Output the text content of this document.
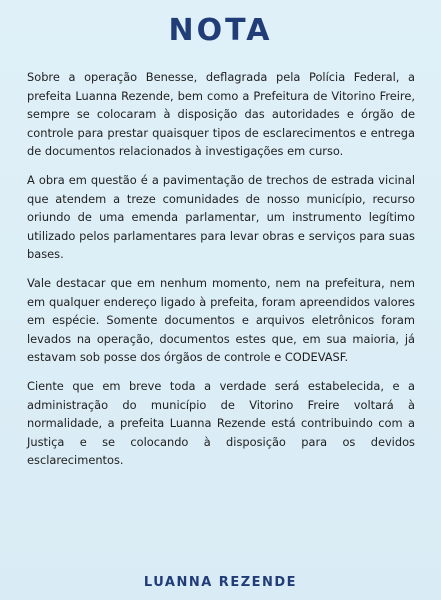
NOTA

Sobre a operação Benesse, deflagrada pela Polícia Federal, a prefeita Luanna Rezende, bem como a Prefeitura de Vitorino Freire, sempre se colocaram à disposição das autoridades e órgão de controle para prestar quaisquer tipos de esclarecimentos e entrega de documentos relacionados à investigações em curso.

A obra em questão é a pavimentação de trechos de estrada vicinal que atendem a treze comunidades de nosso município, recurso oriundo de uma emenda parlamentar, um instrumento legítimo utilizado pelos parlamentares para levar obras e serviços para suas bases.

Vale destacar que em nenhum momento, nem na prefeitura, nem em qualquer endereço ligado à prefeita, foram apreendidos valores em espécie. Somente documentos e arquivos eletrônicos foram levados na operação, documentos estes que, em sua maioria, já estavam sob posse dos órgãos de controle e CODEVASF.

Ciente que em breve toda a verdade será estabelecida, e a administração do município de Vitorino Freire voltará à normalidade, a prefeita Luanna Rezende está contribuindo com a Justiça e se colocando à disposição para os devidos esclarecimentos.

LUANNA REZENDE
